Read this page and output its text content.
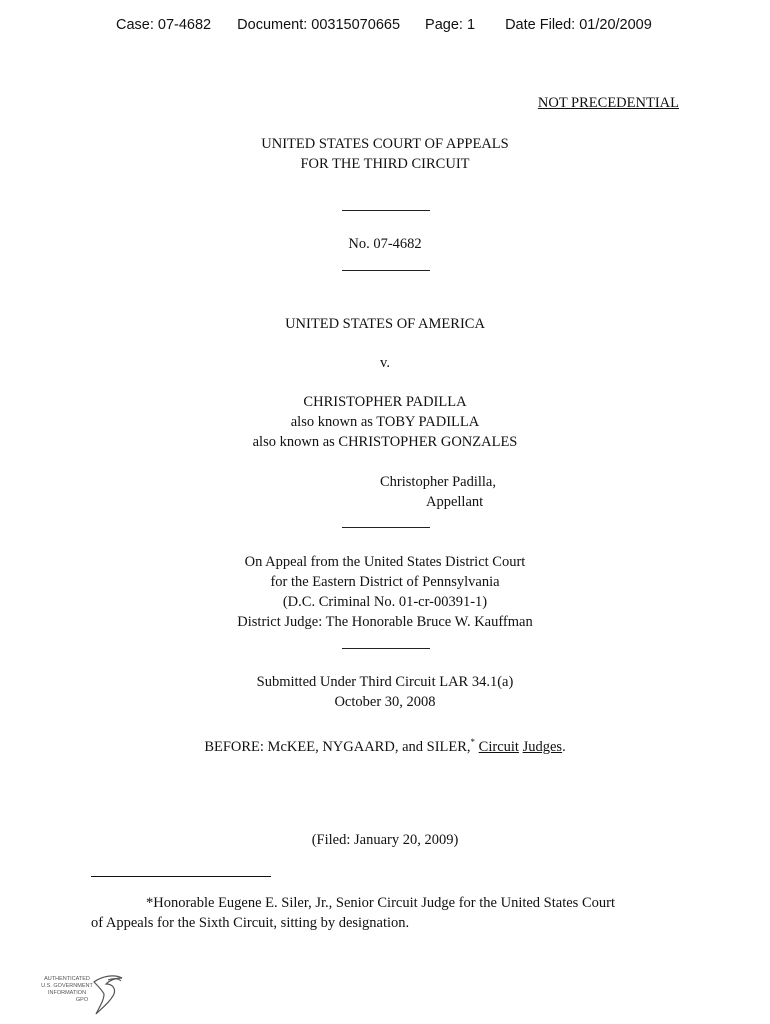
Case: 07-4682 Document: 00315070665 Page: 1 Date Filed: 01/20/2009
NOT PRECEDENTIAL
UNITED STATES COURT OF APPEALS
FOR THE THIRD CIRCUIT
No. 07-4682
UNITED STATES OF AMERICA
v.
CHRISTOPHER PADILLA
also known as TOBY PADILLA
also known as CHRISTOPHER GONZALES
Christopher Padilla,
Appellant
On Appeal from the United States District Court
for the Eastern District of Pennsylvania
(D.C. Criminal No. 01-cr-00391-1)
District Judge: The Honorable Bruce W. Kauffman
Submitted Under Third Circuit LAR 34.1(a)
October 30, 2008
BEFORE: McKEE, NYGAARD, and SILER,* Circuit Judges.
(Filed: January 20, 2009)
*Honorable Eugene E. Siler, Jr., Senior Circuit Judge for the United States Court
of Appeals for the Sixth Circuit, sitting by designation.
AUTHENTICATED
U.S. GOVERNMENT
INFORMATION
GPO
